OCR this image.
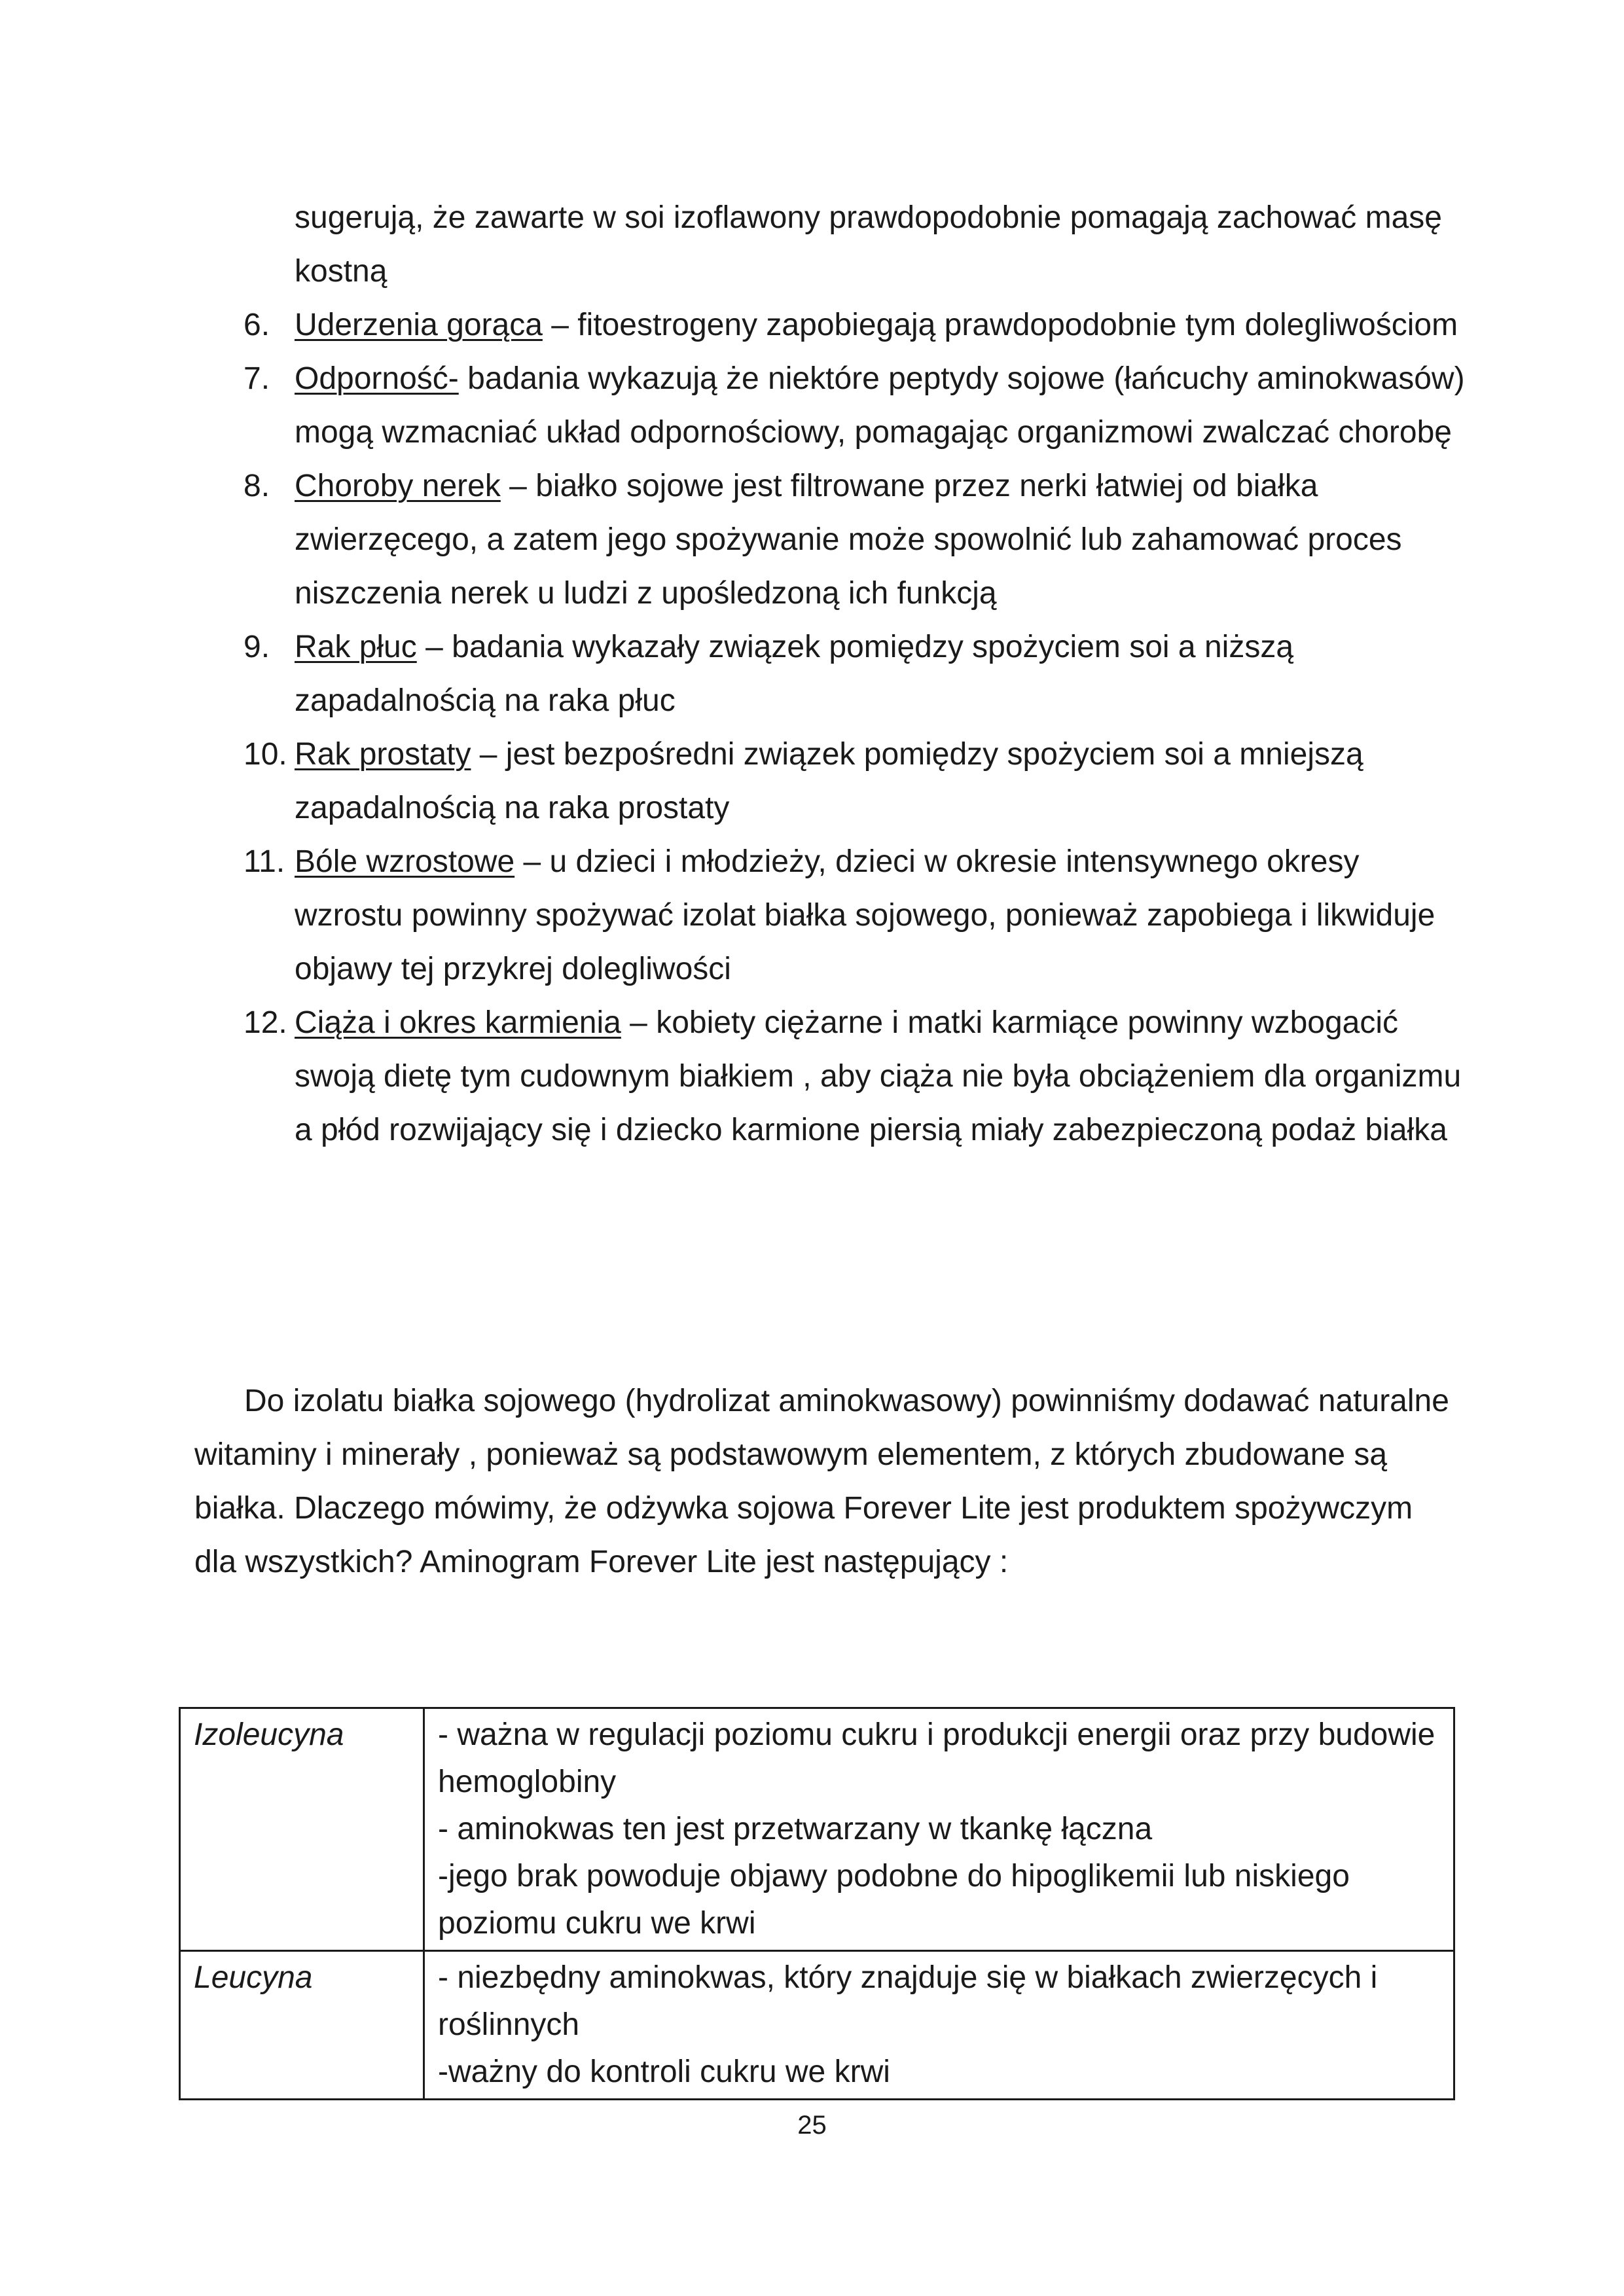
sugerują, że zawarte w soi izoflawony prawdopodobnie pomagają zachować masę kostną
6. Uderzenia gorąca – fitoestrogeny zapobiegają prawdopodobnie tym dolegliwościom
7. Odporność- badania wykazują że niektóre peptydy sojowe (łańcuchy aminokwasów) mogą wzmacniać układ odpornościowy, pomagając organizmowi zwalczać chorobę
8. Choroby nerek – białko sojowe jest filtrowane przez nerki łatwiej od białka zwierzęcego, a zatem jego spożywanie może spowolnić lub zahamować proces niszczenia nerek u ludzi z upośledzoną ich funkcją
9. Rak płuc – badania wykazały związek pomiędzy spożyciem soi a niższą zapadalnością na raka płuc
10. Rak prostaty – jest bezpośredni związek pomiędzy spożyciem soi a mniejszą zapadalnością na raka prostaty
11. Bóle wzrostowe – u dzieci i młodzieży, dzieci w okresie intensywnego okresy wzrostu powinny spożywać izolat białka sojowego, ponieważ zapobiega i likwiduje objawy tej przykrej dolegliwości
12. Ciąża i okres karmienia – kobiety ciężarne i matki karmiące powinny wzbogacić swoją dietę tym cudownym białkiem , aby ciąża nie była obciążeniem dla organizmu a płód rozwijający się i dziecko karmione piersią miały zabezpieczoną podaż białka

Do izolatu białka sojowego (hydrolizat aminokwasowy) powinniśmy dodawać naturalne witaminy i minerały , ponieważ są podstawowym elementem, z których zbudowane są białka. Dlaczego mówimy, że odżywka sojowa Forever Lite jest produktem spożywczym dla wszystkich? Aminogram Forever Lite jest następujący :

Izoleucyna	- ważna w regulacji poziomu cukru i produkcji energii oraz przy budowie hemoglobiny
- aminokwas ten jest przetwarzany w tkankę łączna
-jego brak powoduje objawy podobne do hipoglikemii lub niskiego poziomu cukru we krwi

Leucyna	- niezbędny aminokwas, który znajduje się w białkach zwierzęcych i roślinnych
-ważny do kontroli cukru we krwi
25
